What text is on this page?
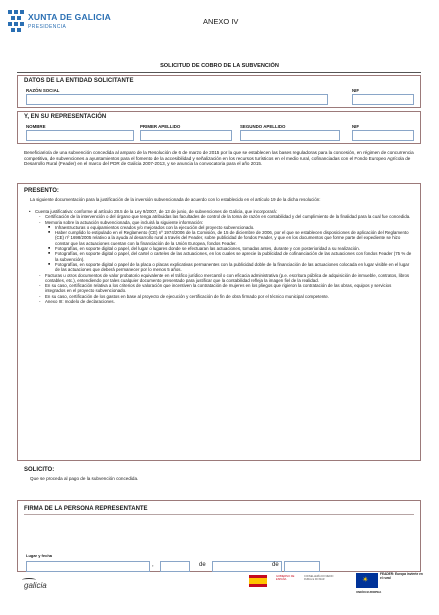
XUNTA DE GALICIA
PRESIDENCIA
ANEXO IV
SOLICITUD DE COBRO DE LA SUBVENCIÓN
DATOS DE LA ENTIDAD SOLICITANTE
RAZÓN SOCIAL	NIF
Y, EN SU REPRESENTACIÓN
NOMBRE	PRIMER APELLIDO	SEGUNDO APELLIDO	NIF
Beneficiario/a de una subvención concedida al amparo de la Resolución de 6 de marzo de 2015 por la que se establecen las bases reguladoras para la concesión, en régimen de concurrencia competitiva, de subvenciones a ayuntamientos para el fomento de la accesibilidad y señalización en los recursos turísticos en el medio rural, cofinanciadas con el Fondo Europeo Agrícola de Desarrollo Rural (Feader) en el marco del PDR de Galicia 2007-2013, y se anuncia la convocatoria para el año 2015.
PRESENTO:
La siguiente documentación para la justificación de la inversión subvencionada de acuerdo con lo establecido en el artículo 19 de la dicha resolución:
• Cuenta justificativa: conforme al artículo 28.5 de la Ley 9/2007, de 13 de junio, de subvenciones de Galicia, que incorporará:
- Certificación de la intervención o del órgano que tenga atribuidas las facultades de control de la toma de razón en contabilidad y del cumplimiento de la finalidad para la cual fue concedida.
- Memoria sobre la actuación subvencionada, que incluirá la siguiente información:
■ Infraestructuras o equipamientos creados y/o mejorados con la ejecución del proyecto subvencionado.
■ Haber cumplido lo estipulado en el Reglamento (CE) nº 1974/2006 de la Comisión, de 15 de diciembre de 2006, por el que se establecen disposiciones de aplicación del Reglamento (CE) nº 1698/2005 relativo a la ayuda al desarrollo rural a través del Feader, sobre publicidad de fondos Feader, y que en los documentos que forme parte del expediente se hizo constar que las actuaciones cuentan con la financiación de la Unión Europea, fondos Feader.
■ Fotografías, en soporte digital o papel, del lugar o lugares donde se efectuaran las actuaciones, tomadas antes, durante y con posterioridad a su realización.
■ Fotografías, en soporte digital o papel, del cartel o carteles de las actuaciones, en los cuales se aprecie la publicidad de cofinanciación de las actuaciones con fondos Feader (75 % de la subvención).
■ Fotografías, en soporte digital o papel de la placa o placas explicativas permanentes con la publicidad doble de la financiación de las actuaciones colocada en lugar visible en el lugar de las actuaciones que deberá permanecer por lo menos 5 años.
- Facturas u otros documentos de valor probatorio equivalente en el tráfico jurídico mercantil o con eficacia administrativa (p.e. escritura pública de adquisición de inmueble, contratos, libros contables, etc.), entendiendo por tales cualquier documento presentado para justificar que la contabilidad refleja la imagen fiel de la realidad.
- En su caso, certificación relativa a los criterios de valoración que incentiven la contratación de mujeres en los pliegos que rigieron la contratación de las obras, equipos y servicios integrados en el proyecto subvencionado.
- En su caso, certificación de los gastos en base al proyecto de ejecución y certificación de fin de obra firmado por el técnico municipal competente.
- Anexo III: modelo de declaraciones.
SOLICITO:
Que se proceda al pago de la subvención concedida.
FIRMA DE LA PERSONA REPRESENTANTE
Lugar y fecha
,	de	de
galicia
GOBIERNO DE ESPAÑA
CONSELLERÍA DO MEDIO RURAL E DO MAR
✴
FEADER: Europa invierte en el rural
UNIÓN EUROPEA
